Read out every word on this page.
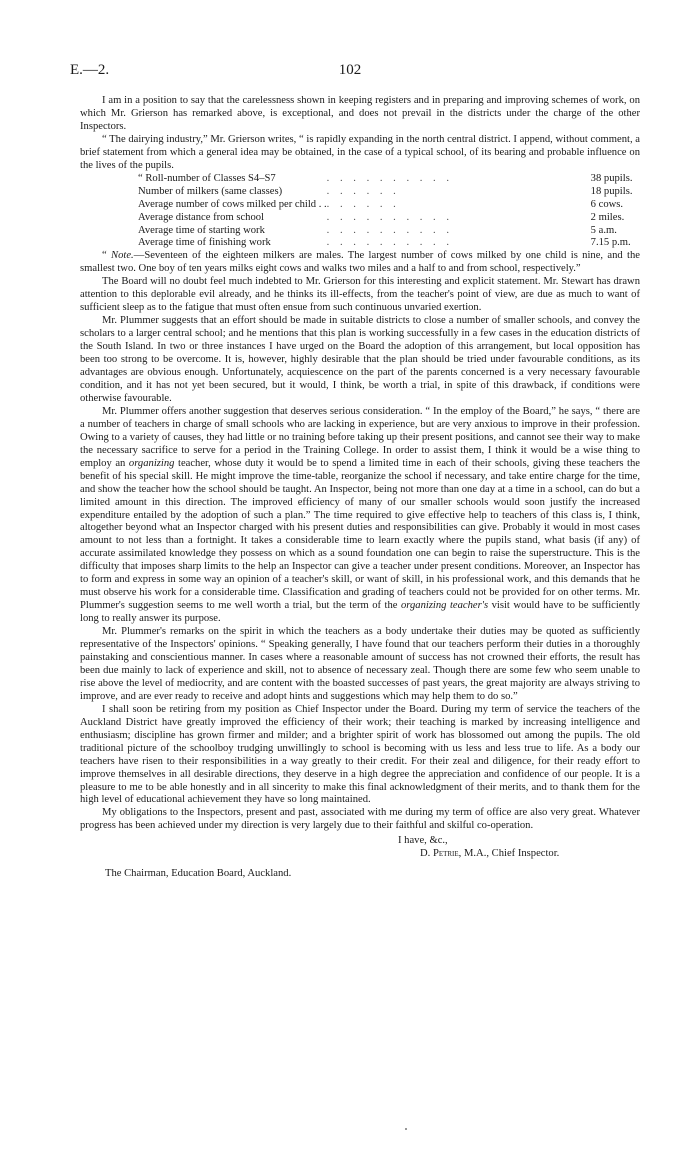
E.—2.	102

I am in a position to say that the carelessness shown in keeping registers and in preparing and improving schemes of work, on which Mr. Grierson has remarked above, is exceptional, and does not prevail in the districts under the charge of the other Inspectors.

“ The dairying industry,” Mr. Grierson writes, “ is rapidly expanding in the north central district. I append, without comment, a brief statement from which a general idea may be obtained, in the case of a typical school, of its bearing and probable influence on the lives of the pupils.

“ Roll-number of Classes S4–S7	. . . . . . . . . .	38 pupils.
Number of milkers (same classes)	. . . . . .	18 pupils.
Average number of cows milked per child . .	. . . . . .	6 cows.
Average distance from school	. . . . . . . . . .	2 miles.
Average time of starting work	. . . . . . . . . .	5 a.m.
Average time of finishing work	. . . . . . . . . .	7.15 p.m.

“ Note.—Seventeen of the eighteen milkers are males. The largest number of cows milked by one child is nine, and the smallest two. One boy of ten years milks eight cows and walks two miles and a half to and from school, respectively.”

The Board will no doubt feel much indebted to Mr. Grierson for this interesting and explicit statement. Mr. Stewart has drawn attention to this deplorable evil already, and he thinks its ill-effects, from the teacher's point of view, are due as much to want of sufficient sleep as to the fatigue that must often ensue from such continuous unvaried exertion.

Mr. Plummer suggests that an effort should be made in suitable districts to close a number of smaller schools, and convey the scholars to a larger central school; and he mentions that this plan is working successfully in a few cases in the education districts of the South Island. In two or three instances I have urged on the Board the adoption of this arrangement, but local opposition has been too strong to be overcome. It is, however, highly desirable that the plan should be tried under favourable conditions, as its advantages are obvious enough. Unfortunately, acquiescence on the part of the parents concerned is a very necessary favourable condition, and it has not yet been secured, but it would, I think, be worth a trial, in spite of this drawback, if conditions were otherwise favourable.

Mr. Plummer offers another suggestion that deserves serious consideration. “ In the employ of the Board,” he says, “ there are a number of teachers in charge of small schools who are lacking in experience, but are very anxious to improve in their profession. Owing to a variety of causes, they had little or no training before taking up their present positions, and cannot see their way to make the necessary sacrifice to serve for a period in the Training College. In order to assist them, I think it would be a wise thing to employ an organizing teacher, whose duty it would be to spend a limited time in each of their schools, giving these teachers the benefit of his special skill. He might improve the time-table, reorganize the school if necessary, and take entire charge for the time, and show the teacher how the school should be taught. An Inspector, being not more than one day at a time in a school, can do but a limited amount in this direction. The improved efficiency of many of our smaller schools would soon justify the increased expenditure entailed by the adoption of such a plan.” The time required to give effective help to teachers of this class is, I think, altogether beyond what an Inspector charged with his present duties and responsibilities can give. Probably it would in most cases amount to not less than a fortnight. It takes a considerable time to learn exactly where the pupils stand, what basis (if any) of accurate assimilated knowledge they possess on which as a sound foundation one can begin to raise the superstructure. This is the difficulty that imposes sharp limits to the help an Inspector can give a teacher under present conditions. Moreover, an Inspector has to form and express in some way an opinion of a teacher's skill, or want of skill, in his professional work, and this demands that he must observe his work for a considerable time. Classification and grading of teachers could not be provided for on other terms. Mr. Plummer's suggestion seems to me well worth a trial, but the term of the organizing teacher's visit would have to be sufficiently long to really answer its purpose.

Mr. Plummer's remarks on the spirit in which the teachers as a body undertake their duties may be quoted as sufficiently representative of the Inspectors' opinions. “ Speaking generally, I have found that our teachers perform their duties in a thoroughly painstaking and conscientious manner. In cases where a reasonable amount of success has not crowned their efforts, the result has been due mainly to lack of experience and skill, not to absence of necessary zeal. Though there are some few who seem unable to rise above the level of mediocrity, and are content with the boasted successes of past years, the great majority are always striving to improve, and are ever ready to receive and adopt hints and suggestions which may help them to do so.”

I shall soon be retiring from my position as Chief Inspector under the Board. During my term of service the teachers of the Auckland District have greatly improved the efficiency of their work; their teaching is marked by increasing intelligence and enthusiasm; discipline has grown firmer and milder; and a brighter spirit of work has blossomed out among the pupils. The old traditional picture of the schoolboy trudging unwillingly to school is becoming with us less and less true to life. As a body our teachers have risen to their responsibilities in a way greatly to their credit. For their zeal and diligence, for their ready effort to improve themselves in all desirable directions, they deserve in a high degree the appreciation and confidence of our people. It is a pleasure to me to be able honestly and in all sincerity to make this final acknowledgment of their merits, and to thank them for the high level of educational achievement they have so long maintained.

My obligations to the Inspectors, present and past, associated with me during my term of office are also very great. Whatever progress has been achieved under my direction is very largely due to their faithful and skilful co-operation.

I have, &c.,
D. Petrie, M.A., Chief Inspector.
The Chairman, Education Board, Auckland.
